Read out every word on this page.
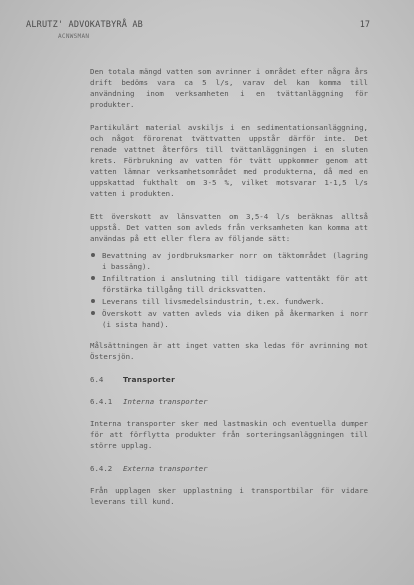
ALRUTZ' ADVOKATBYRÅ AB
ACNWSMAN
17

Den totala mängd vatten som avrinner i området efter några års drift bedöms vara ca 5 l/s, varav del kan komma till användning inom verksamheten i en tvättanläggning för produkter.

Partikulärt material avskiljs i en sedimentationsanläggning, och något förorenat tvättvatten uppstår därför inte. Det renade vattnet återförs till tvättanläggningen i en sluten krets. Förbrukning av vatten för tvätt uppkommer genom att vatten lämnar verksamhetsområdet med produkterna, då med en uppskattad fukthalt om 3-5 %, vilket motsvarar 1-1,5 l/s vatten i produkten.

Ett överskott av länsvatten om 3,5-4 l/s beräknas alltså uppstå. Det vatten som avleds från verksamheten kan komma att användas på ett eller flera av följande sätt:

Bevattning av jordbruksmarker norr om täktområdet (lagring i bassäng).
Infiltration i anslutning till tidigare vattentäkt för att förstärka tillgång till dricksvatten.
Leverans till livsmedelsindustrin, t.ex. fundwerk.
Överskott av vatten avleds via diken på åkermarken i norr (i sista hand).

Målsättningen är att inget vatten ska ledas för avrinning mot Östersjön.

6.4	Transporter
6.4.1 Interna transporter

Interna transporter sker med lastmaskin och eventuella dumper för att förflytta produkter från sorteringsanläggningen till större upplag.

6.4.2 Externa transporter

Från upplagen sker upplastning i transportbilar för vidare leverans till kund.
